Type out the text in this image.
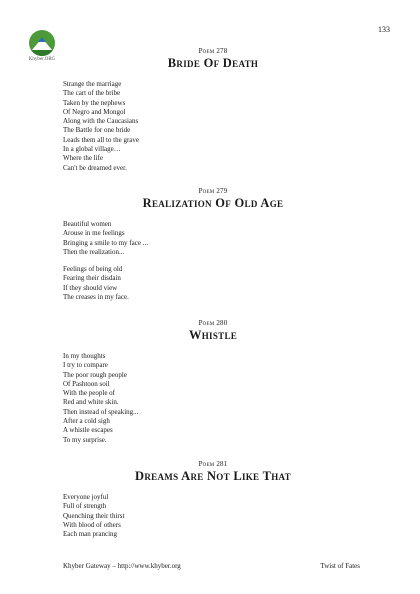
133
Khyber.ORG
Poem 278
Bride Of Death
Strange the marriage
The cart of the bribe
Taken by the nephews
Of Negro and Mongol
Along with the Caucasians
The Battle for one bride
Leads them all to the grave
In a global village…
Where the life
Can't be dreamed ever.
Poem 279
Realization Of Old Age
Beautiful women
Arouse in me feelings
Bringing a smile to my face ...
Then the realization...
Feelings of being old
Fearing their disdain
If they should view
The creases in my face.
Poem 280
Whistle
In my thoughts
I try to compare
The poor rough people
Of Pashtoon soil
With the people of
Red and white skin.
Then instead of speaking...
After a cold sigh
A whistle escapes
To my surprise.
Poem 281
Dreams Are Not Like That
Everyone joyful
Full of strength
Quenching their thirst
With blood of others
Each man prancing
Khyber Gateway – http://www.khyber.org	Twist of Fates
